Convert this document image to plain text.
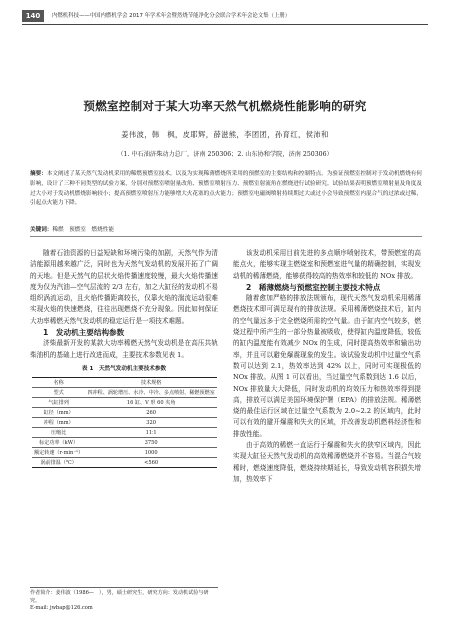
140	内燃机科技——中国内燃机学会 2017 年学术年会暨然烧节能净化分会联合学术年会论文集（上册）
预燃室控制对于某大功率天然气机燃烧性能影响的研究
姜伟波，韩　枫，皮耶辉，薛滋熊，李团团，孙育红，侯沛和
（1. 中石油济柴动力总厂，济南 250306；2. 山东协和学院，济南 250306）
摘要：本文阐述了某天然气发动机采用的稀燃预燃室技术，以及为实现稀薄燃烧所采用的预燃室的主要结构和控制特点。为验证预燃室控制对于发动机燃烧有何影响，设计了三种不同类型的试验方案，分别对预燃室喷射量改角、预燃室喷射压力、预燃室射流角在燃烧进行试验研究。试验结果表明预燃室喷射量及角度及过大小对于发动机燃烧影响较小；提高预燃室喷射压力能够增大火花塞的点火能力；预燃室电磁阀喷射持续期过大或过小会导致预燃室内混合气的过浓或过稀，引起点火能力下降。
关键词：稀燃　预燃室　燃烧性能

随着石油资源的日益短缺和环境污染的加剧，天然气作为清洁能源用越来越广泛，同时也为天然气发动机的发展开拓了广阔的天地。但是天然气的层状火焰传播速度较慢，最大火焰传播速度为仅为汽油—空气层流的 2/3 左右，加之大缸径的发动机不易组织涡流运动，且火焰传播距离较长，仅靠火焰的湍流运动很难实现火焰的快速燃烧，往往出现燃烧不充分现象。因此如何保证大功率稀燃天然气发动机的稳定运行是一项技术难题。

1　发动机主要结构参数

济柴最新开发的某款大功率稀燃天然气发动机是在高压共轨柴油机的基础上进行改进而成，主要技术参数见表 1。

表 1　天然气发动机主要技术参数
名称	技术规格
型式	四冲程、涡轮增压、水冷、中冷、多点喷射、稀燃预燃室
气缸排列	16 缸、V 形 60 夹角
缸径（mm）	260
冲程（mm）	320
压缩比	11∶1
标定功率（kW）	3750
额定转速（r·min⁻¹）	1000
涡前排温（℃）	<560

该发动机采用目前先进的多点顺序喷射技术，带预燃室的高能点火，能够实现主燃烧室和预燃室进气量的精确控制，实现发动机的稀薄燃烧，能够获得较高的热效率和较低的 NOx 排放。

2　稀薄燃烧与预燃室控制主要技术特点

随着愈加严格的排放法规颁布，现代天然气发动机采用稀薄燃烧技术即可满足现有的排放法规。采用稀薄燃烧技术后，缸内的空气量远多于完全燃烧所需的空气量。由于缸内空气较多，燃烧过程中所产生的一部分热量被吸收，使得缸内温度降低，较低的缸内温度能有效减少 NOx 的生成，同时提高热效率和输出功率，并且可以避免爆震现象的发生。该试验发动机中过量空气系数可以达到 2.1，热效率达到 42% 以上，同时可实现极低的 NOx 排放。从图 1 可以看出，当过量空气系数到达 1.6 以后，NOx 排放量大大降低，同时发动机的均效压力和热效率得到提高，排放可以满足美国环境保护署（EPA）的排放法规。稀薄燃烧的最佳运行区域在过量空气系数为 2.0~2.2 的区域内，此时可以有效的避开爆震和失火的区域，并改善发动机燃料经济性和排放性能。

由于高效的稀燃一直运行于爆震和失火的狭窄区域内，因此实现大缸径天然气发动机的高效稀薄燃烧并不容易。当混合气较稀时，燃烧速度降低，燃烧持续期延长，导致发动机容积损失增加，热效率下

作者简介：姜伟波（1986—　），男，硕士研究生，研究方向：发动机试验与研究。
E-mail: jwbap@126.com
